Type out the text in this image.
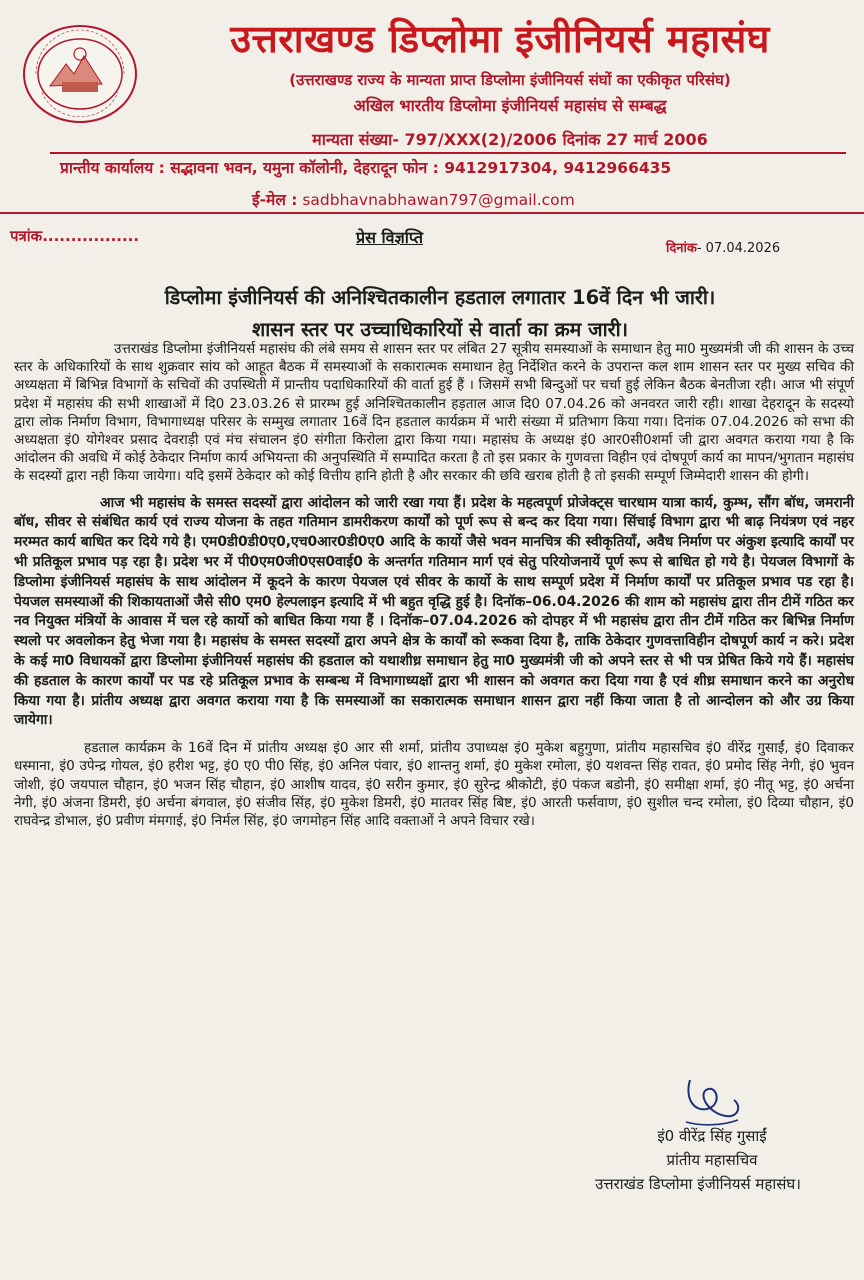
उत्तराखण्ड डिप्लोमा इंजीनियर्स महासंघ
(उत्तराखण्ड राज्य के मान्यता प्राप्त डिप्लोमा इंजीनियर्स संघों का एकीकृत परिसंघ)
अखिल भारतीय डिप्लोमा इंजीनियर्स महासंघ से सम्बद्ध
मान्यता संख्या- 797/XXX(2)/2006 दिनांक 27 मार्च 2006
प्रान्तीय कार्यालय : सद्भावना भवन, यमुना कॉलोनी, देहरादून फोन : 9412917304, 9412966435
ई-मेल : sadbhavnabhawan797@gmail.com
पत्रांक.................	प्रेस विज्ञप्ति
दिनांक- 07.04.2026
डिप्लोमा इंजीनियर्स की अनिश्चितकालीन हडताल लगातार 16वें दिन भी जारी।
शासन स्तर पर उच्चाधिकारियों से वार्ता का क्रम जारी।

उत्तराखंड डिप्लोमा इंजीनियर्स महासंघ की लंबे समय से शासन स्तर पर लंबित 27 सूत्रीय समस्याओं के समाधान हेतु मा0 मुख्यमंत्री जी की शासन के उच्च स्तर के अधिकारियों के साथ शुक्रवार सांय को आहूत बैठक में समस्याओं के सकारात्मक समाधान हेतु निर्देशित करने के उपरान्त कल शाम शासन स्तर पर मुख्य सचिव की अध्यक्षता में बिभिन्न विभागों के सचिवों की उपस्थिती में प्रान्तीय पदाधिकारियों की वार्ता हुई हैं । जिसमें सभी बिन्दुओं पर चर्चा हुई लेकिन बैठक बेनतीजा रही। आज भी संपूर्ण प्रदेश में महासंघ की सभी शाखाओं में दि0 23.03.26 से प्रारम्भ हुई अनिश्चितकालीन हड़ताल आज दि0 07.04.26 को अनवरत जारी रही। शाखा देहरादून के सदस्यो द्वारा लोक निर्माण विभाग, विभागाध्यक्ष परिसर के सम्मुख लगातार 16वें दिन हडताल कार्यक्रम में भारी संख्या में प्रतिभाग किया गया। दिनांक 07.04.2026 को सभा की अध्यक्षता इं0 योगेश्वर प्रसाद देवराड़ी एवं मंच संचालन इं0 संगीता किरोला द्वारा किया गया। महासंघ के अध्यक्ष इं0 आर0सी0शर्मा जी द्वारा अवगत कराया गया है कि आंदोलन की अवधि में कोई ठेकेदार निर्माण कार्य अभियन्ता की अनुपस्थिति में सम्पादित करता है तो इस प्रकार के गुणवत्ता विहीन एवं दोषपूर्ण कार्य का मापन/भुगतान महासंघ के सदस्यों द्वारा नही किया जायेगा। यदि इसमें ठेकेदार को कोई वित्तीय हानि होती है और सरकार की छवि खराब होती है तो इसकी सम्पूर्ण जिम्मेदारी शासन की होगी।

आज भी महासंघ के समस्त सदस्यों द्वारा आंदोलन को जारी रखा गया हैं। प्रदेश के महत्वपूर्ण प्रोजेक्ट्स चारधाम यात्रा कार्य, कुम्भ, सौंग बॉध, जमरानी बॉध, सीवर से संबंधित कार्य एवं राज्य योजना के तहत गतिमान डामरीकरण कार्यों को पूर्ण रूप से बन्द कर दिया गया। सिंचाई विभाग द्वारा भी बाढ़ नियंत्रण एवं नहर मरम्मत कार्य बाधित कर दिये गये है। एम0डी0डी0ए0,एच0आर0डी0ए0 आदि के कार्यो जैसे भवन मानचित्र की स्वीकृतियॉं, अवैध निर्माण पर अंकुश इत्यादि कार्यों पर भी प्रतिकूल प्रभाव पड़ रहा है। प्रदेश भर में पी0एम0जी0एस0वाई0 के अन्तर्गत गतिमान मार्ग एवं सेतु परियोजनायें पूर्ण रूप से बाधित हो गये है। पेयजल विभागों के डिप्लोमा इंजीनियर्स महासंघ के साथ आंदोलन में कूदने के कारण पेयजल एवं सीवर के कार्यो के साथ सम्पूर्ण प्रदेश में निर्माण कार्यों पर प्रतिकूल प्रभाव पड रहा है। पेयजल समस्याओं की शिकायताओं जैसे सी0 एम0 हेल्पलाइन इत्यादि में भी बहुत वृद्धि हुई है। दिनॉक–06.04.2026 की शाम को महासंघ द्वारा तीन टीमें गठित कर नव नियुक्त मंत्रियों के आवास में चल रहे कार्यो को बाधित किया गया हैं । दिनॉक–07.04.2026 को दोपहर में भी महासंघ द्वारा तीन टीमें गठित कर बिभिन्न निर्माण स्थलो पर अवलोकन हेतु भेजा गया है। महासंघ के समस्त सदस्यों द्वारा अपने क्षेत्र के कार्यों को रूकवा दिया है, ताकि ठेकेदार गुणवत्ताविहीन दोषपूर्ण कार्य न करे। प्रदेश के कई मा0 विधायकों द्वारा डिप्लोमा इंजीनियर्स महासंघ की हडताल को यथाशीध्र समाधान हेतु मा0 मुख्यमंत्री जी को अपने स्तर से भी पत्र प्रेषित किये गये हैं। महासंघ की हडताल के कारण कार्यों पर पड रहे प्रतिकूल प्रभाव के सम्बन्ध में विभागाध्यक्षों द्वारा भी शासन को अवगत करा दिया गया है एवं शीध्र समाधान करने का अनुरोध किया गया है। प्रांतीय अध्यक्ष द्वारा अवगत कराया गया है कि समस्याओं का सकारात्मक समाधान शासन द्वारा नहीं किया जाता है तो आन्दोलन को और उग्र किया जायेगा।

हडताल कार्यक्रम के 16वें दिन में प्रांतीय अध्यक्ष इं0 आर सी शर्मा, प्रांतीय उपाध्यक्ष इं0 मुकेश बहुगुणा, प्रांतीय महासचिव इं0 वीरेंद्र गुसाईं, इं0 दिवाकर धस्माना, इं0 उपेन्द्र गोयल, इं0 हरीश भट्ट, इं0 ए0 पी0 सिंह, इं0 अनिल पंवार, इं0 शान्तनु शर्मा, इं0 मुकेश रमोला, इं0 यशवन्त सिंह रावत, इं0 प्रमोद सिंह नेगी, इं0 भुवन जोशी, इं0 जयपाल चौहान, इं0 भजन सिंह चौहान, इं0 आशीष यादव, इं0 सरीन कुमार, इं0 सुरेन्द्र श्रीकोटी, इं0 पंकज बडोनी, इं0 समीक्षा शर्मा, इं0 नीतू भट्ट, इं0 अर्चना नेगी, इं0 अंजना डिमरी, इं0 अर्चना बंगवाल, इं0 संजीव सिंह, इं0 मुकेश डिमरी, इं0 मातवर सिंह बिष्ट, इं0 आरती फर्सवाण, इं0 सुशील चन्द रमोला, इं0 दिव्या चौहान, इं0 राघवेन्द्र डोभाल, इं0 प्रवीण मंमगाई, इं0 निर्मल सिंह, इं0 जगमोहन सिंह आदि वक्ताओं ने अपने विचार रखे।

इं0 वीरेंद्र सिंह गुसाईं
प्रांतीय महासचिव
उत्तराखंड डिप्लोमा इंजीनियर्स महासंघ।
